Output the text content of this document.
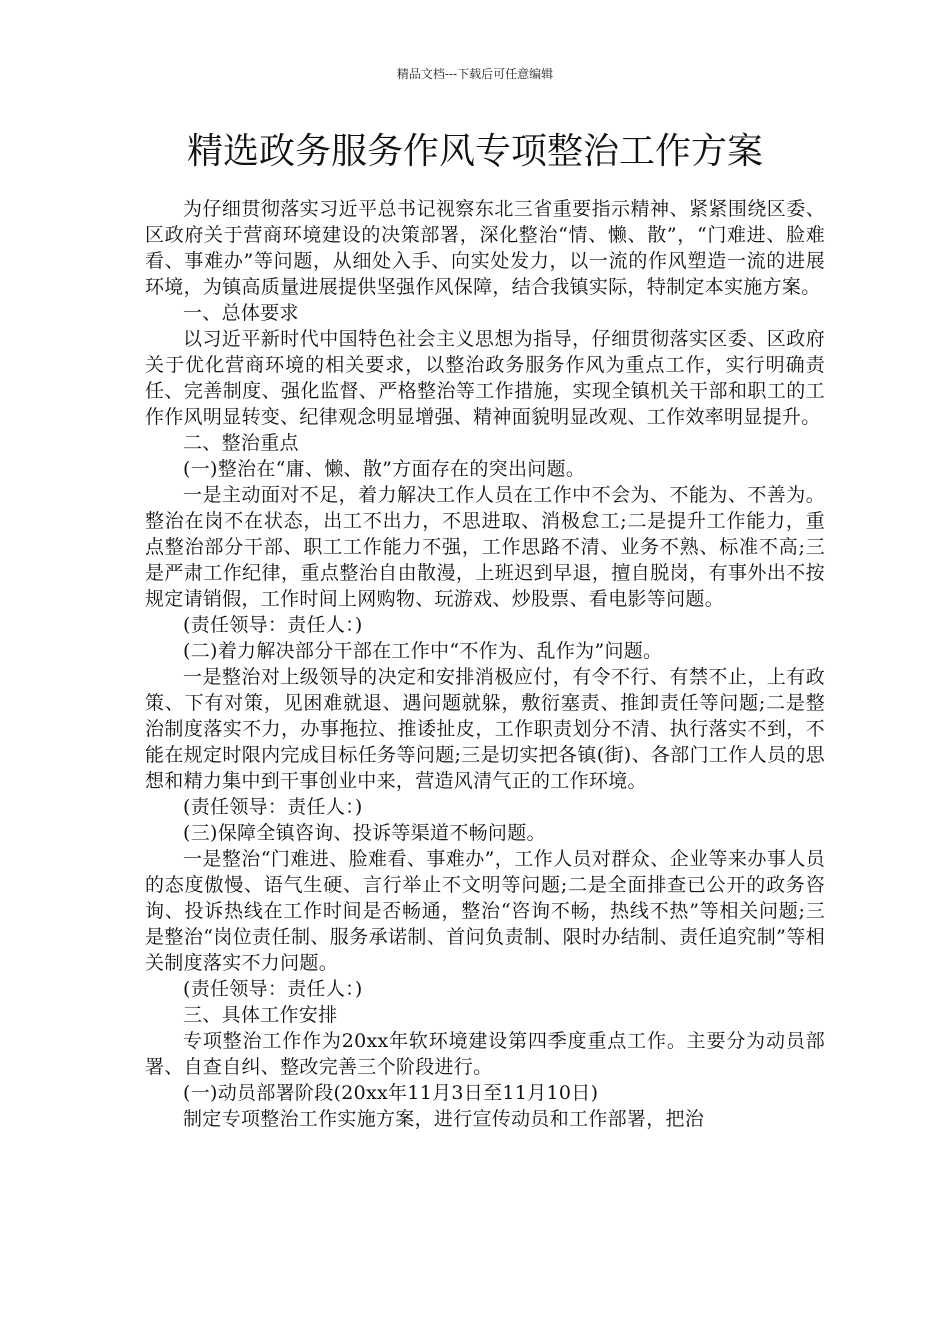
精品文档---下载后可任意编辑
精选政务服务作风专项整治工作方案

为仔细贯彻落实习近平总书记视察东北三省重要指示精神、紧紧围绕区委、区政府关于营商环境建设的决策部署，深化整治“情、懒、散”，“门难进、脸难看、事难办”等问题，从细处入手、向实处发力，以一流的作风塑造一流的进展环境，为镇高质量进展提供坚强作风保障，结合我镇实际，特制定本实施方案。

一、总体要求

以习近平新时代中国特色社会主义思想为指导，仔细贯彻落实区委、区政府关于优化营商环境的相关要求，以整治政务服务作风为重点工作，实行明确责任、完善制度、强化监督、严格整治等工作措施，实现全镇机关干部和职工的工作作风明显转变、纪律观念明显增强、精神面貌明显改观、工作效率明显提升。

二、整治重点

(一)整治在“庸、懒、散”方面存在的突出问题。

一是主动面对不足，着力解决工作人员在工作中不会为、不能为、不善为。整治在岗不在状态，出工不出力，不思进取、消极怠工;二是提升工作能力，重点整治部分干部、职工工作能力不强，工作思路不清、业务不熟、标准不高;三是严肃工作纪律，重点整治自由散漫，上班迟到早退，擅自脱岗，有事外出不按规定请销假，工作时间上网购物、玩游戏、炒股票、看电影等问题。

(责任领导：责任人：)

(二)着力解决部分干部在工作中“不作为、乱作为”问题。

一是整治对上级领导的决定和安排消极应付，有令不行、有禁不止，上有政策、下有对策，见困难就退、遇问题就躲，敷衍塞责、推卸责任等问题;二是整治制度落实不力，办事拖拉、推诿扯皮，工作职责划分不清、执行落实不到，不能在规定时限内完成目标任务等问题;三是切实把各镇(街)、各部门工作人员的思想和精力集中到干事创业中来，营造风清气正的工作环境。

(责任领导：责任人：)

(三)保障全镇咨询、投诉等渠道不畅问题。

一是整治“门难进、脸难看、事难办”，工作人员对群众、企业等来办事人员的态度傲慢、语气生硬、言行举止不文明等问题;二是全面排查已公开的政务咨询、投诉热线在工作时间是否畅通，整治“咨询不畅，热线不热”等相关问题;三是整治“岗位责任制、服务承诺制、首问负责制、限时办结制、责任追究制”等相关制度落实不力问题。

(责任领导：责任人：)

三、具体工作安排

专项整治工作作为20xx年软环境建设第四季度重点工作。主要分为动员部署、自查自纠、整改完善三个阶段进行。

(一)动员部署阶段(20xx年11月3日至11月10日)

制定专项整治工作实施方案，进行宣传动员和工作部署，把治
